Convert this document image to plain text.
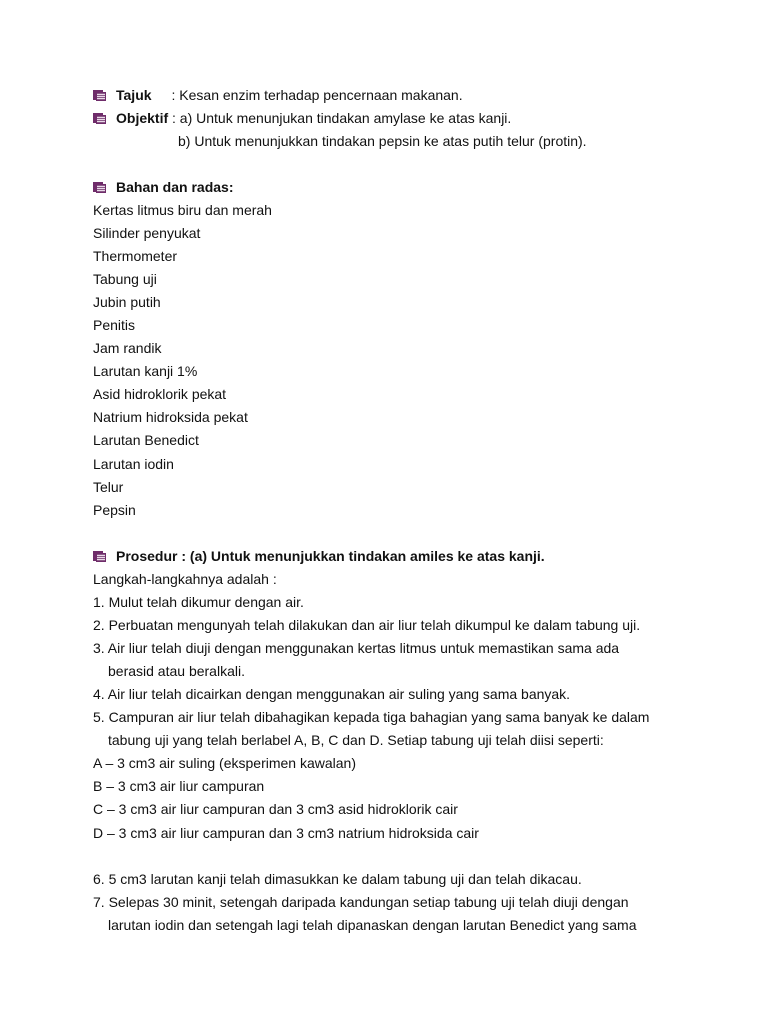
Tajuk : Kesan enzim terhadap pencernaan makanan.
Objektif : a) Untuk menunjukan tindakan amylase ke atas kanji.
b) Untuk menunjukkan tindakan pepsin ke atas putih telur (protin).
Bahan dan radas:
Kertas litmus biru dan merah
Silinder penyukat
Thermometer
Tabung uji
Jubin putih
Penitis
Jam randik
Larutan kanji 1%
Asid hidroklorik pekat
Natrium hidroksida pekat
Larutan Benedict
Larutan iodin
Telur
Pepsin
Prosedur : (a) Untuk menunjukkan tindakan amiles ke atas kanji.
Langkah-langkahnya adalah :
1. Mulut telah dikumur dengan air.
2. Perbuatan mengunyah telah dilakukan dan air liur telah dikumpul ke dalam tabung uji.
3. Air liur telah diuji dengan menggunakan kertas litmus untuk memastikan sama ada
berasid atau beralkali.
4. Air liur telah dicairkan dengan menggunakan air suling yang sama banyak.
5. Campuran air liur telah dibahagikan kepada tiga bahagian yang sama banyak ke dalam
tabung uji yang telah berlabel A, B, C dan D. Setiap tabung uji telah diisi seperti:
A – 3 cm3 air suling (eksperimen kawalan)
B – 3 cm3 air liur campuran
C – 3 cm3 air liur campuran dan 3 cm3 asid hidroklorik cair
D – 3 cm3 air liur campuran dan 3 cm3 natrium hidroksida cair
6. 5 cm3 larutan kanji telah dimasukkan ke dalam tabung uji dan telah dikacau.
7. Selepas 30 minit, setengah daripada kandungan setiap tabung uji telah diuji dengan
larutan iodin dan setengah lagi telah dipanaskan dengan larutan Benedict yang sama
